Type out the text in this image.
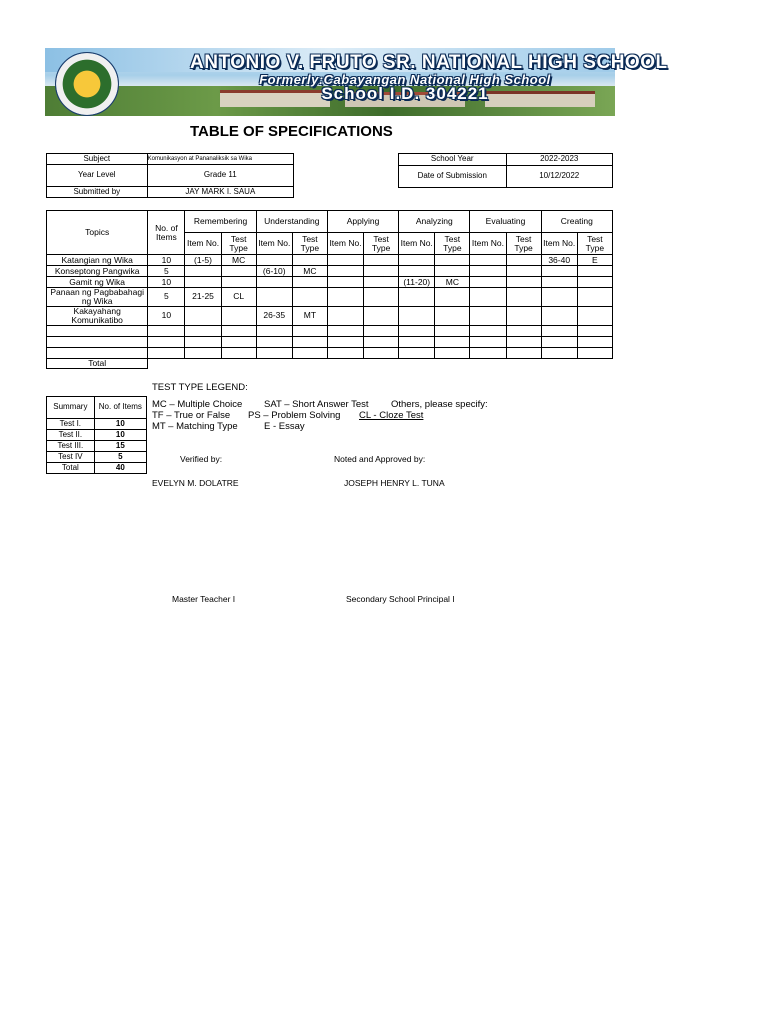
ANTONIO V. FRUTO SR. NATIONAL HIGH SCHOOL
Formerly:Cabayangan National High School
School I.D. 304221
TABLE OF SPECIFICATIONS
Subject	Komunikasyon at Pananaliksik sa Wika
Year Level	Grade 11
Submitted by	JAY MARK I. SAUA
School Year	2022-2023
Date of Submission	10/12/2022
Topics	No. of Items	Remembering		Understanding		Applying		Analyzing		Evaluating		Creating	
		Item No.	Test Type	Item No.	Test Type	Item No.	Test Type	Item No.	Test Type	Item No.	Test Type	Item No.	Test Type
Katangian ng Wika	10	(1-5)	MC									36-40	E
Konseptong Pangwika	5			(6-10)	MC								
Gamit ng Wika	10							(11-20)	MC				
Panaan ng Pagbabahagi ng Wika	5	21-25	CL										
Kakayahang Komunikatibo	10			26-35	MT								

Total													
TEST TYPE LEGEND:
MC – Multiple Choice SAT – Short Answer Test Others, please specify:
TF – True or False PS – Problem Solving CL - Cloze Test
MT – Matching Type	E - Essay
Summary	No. of Items
Test I.	10
Test II.	10
Test III.	15
Test IV	5
Total	40
Verified by:	Noted and Approved by:
EVELYN M. DOLATRE	JOSEPH HENRY L. TUNA
Master Teacher I	Secondary School Principal I
